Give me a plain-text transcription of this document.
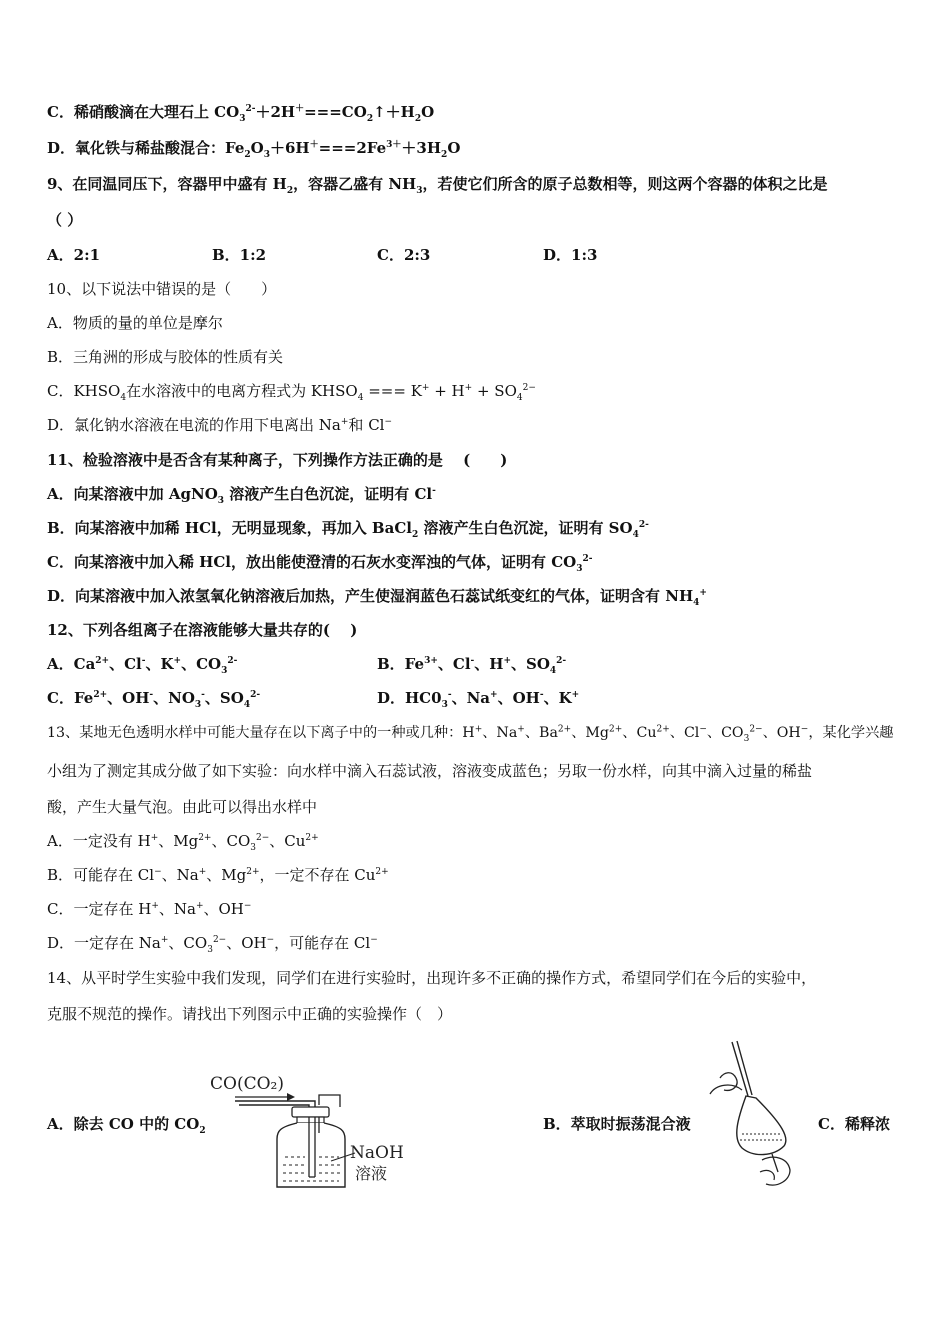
C．稀硝酸滴在大理石上 $CO_3^{2-}+2H^+===CO_2↑+H_2O$
D．氧化铁与稀盐酸混合：$Fe_2O_3+6H^+===2Fe^{3+}+3H_2O$
9、在同温同压下，容器甲中盛有 $H_2$，容器乙盛有 $NH_3$，若使它们所含的原子总数相等，则这两个容器的体积之比是
（ ）
A．2:1	B．1:2	C．2:3	D．1:3
10、以下说法中错误的是（　　）
A．物质的量的单位是摩尔
B．三角洲的形成与胶体的性质有关
C．$KHSO_4$在水溶液中的电离方程式为 $KHSO_4$ === $K^+ + H^+ + SO_4^{2-}$
D．氯化钠水溶液在电流的作用下电离出 Na+和 Cl−
11、检验溶液中是否含有某种离子，下列操作方法正确的是　 (　　)
A．向某溶液中加 AgNO$_3$ 溶液产生白色沉淀，证明有 Cl-
B．向某溶液中加稀 HCl，无明显现象，再加入 BaCl$_2$ 溶液产生白色沉淀，证明有 $SO_4^{2-}$
C．向某溶液中加入稀 HCl，放出能使澄清的石灰水变浑浊的气体，证明有 $CO_3^{2-}$
D．向某溶液中加入浓氢氧化钠溶液后加热，产生使湿润蓝色石蕊试纸变红的气体，证明含有 $NH_4^+$
12、下列各组离子在溶液能够大量共存的(　 )
A．$Ca^{2+}$、Cl-、K+、$CO_3^{2-}$	B．$Fe^{3+}$、Cl-、H+、$SO_4^{2-}$
C．$Fe^{2+}$、OH-、$NO_3^-$、$SO_4^{2-}$	D．$HC0_3^-$、Na+、OH-、K+
13、某地无色透明水样中可能大量存在以下离子中的一种或几种：H+、Na+、$Ba^{2+}$、$Mg^{2+}$、$Cu^{2+}$、Cl−、$CO_3^{2-}$、OH−，某化学兴趣
小组为了测定其成分做了如下实验：向水样中滴入石蕊试液，溶液变成蓝色；另取一份水样，向其中滴入过量的稀盐
酸，产生大量气泡。由此可以得出水样中
A．一定没有 H+、$Mg^{2+}$、$CO_3^{2-}$、$Cu^{2+}$
B．可能存在 Cl−、Na+、$Mg^{2+}$，一定不存在 $Cu^{2+}$
C．一定存在 H+、Na+、OH−
D．一定存在 Na+、$CO_3^{2-}$、OH−，可能存在 Cl−
14、从平时学生实验中我们发现，同学们在进行实验时，出现许多不正确的操作方式，希望同学们在今后的实验中，
克服不规范的操作。请找出下列图示中正确的实验操作（　）
A．除去 CO 中的 $CO_2$
CO(CO₂)
NaOH
溶液
B．萃取时振荡混合液	C．稀释浓
